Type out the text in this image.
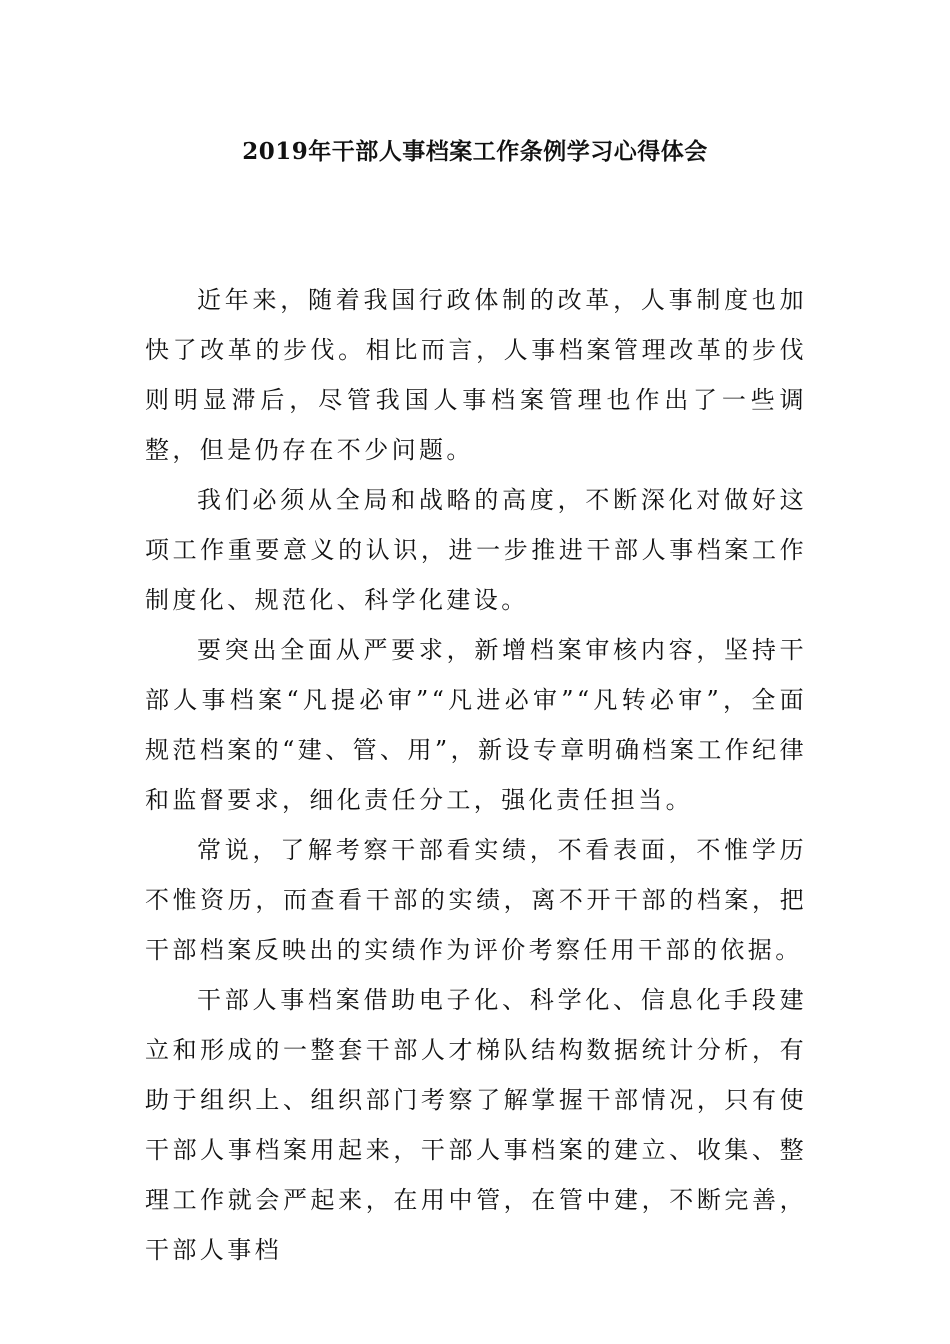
2019年干部人事档案工作条例学习心得体会

近年来，随着我国行政体制的改革，人事制度也加快了改革的步伐。相比而言，人事档案管理改革的步伐则明显滞后，尽管我国人事档案管理也作出了一些调整，但是仍存在不少问题。

我们必须从全局和战略的高度，不断深化对做好这项工作重要意义的认识，进一步推进干部人事档案工作制度化、规范化、科学化建设。

要突出全面从严要求，新增档案审核内容，坚持干部人事档案“凡提必审”“凡进必审”“凡转必审”，全面规范档案的“建、管、用”，新设专章明确档案工作纪律和监督要求，细化责任分工，强化责任担当。

常说，了解考察干部看实绩，不看表面，不惟学历不惟资历，而查看干部的实绩，离不开干部的档案，把干部档案反映出的实绩作为评价考察任用干部的依据。

干部人事档案借助电子化、科学化、信息化手段建立和形成的一整套干部人才梯队结构数据统计分析，有助于组织上、组织部门考察了解掌握干部情况，只有使干部人事档案用起来，干部人事档案的建立、收集、整理工作就会严起来，在用中管，在管中建，不断完善，干部人事档
